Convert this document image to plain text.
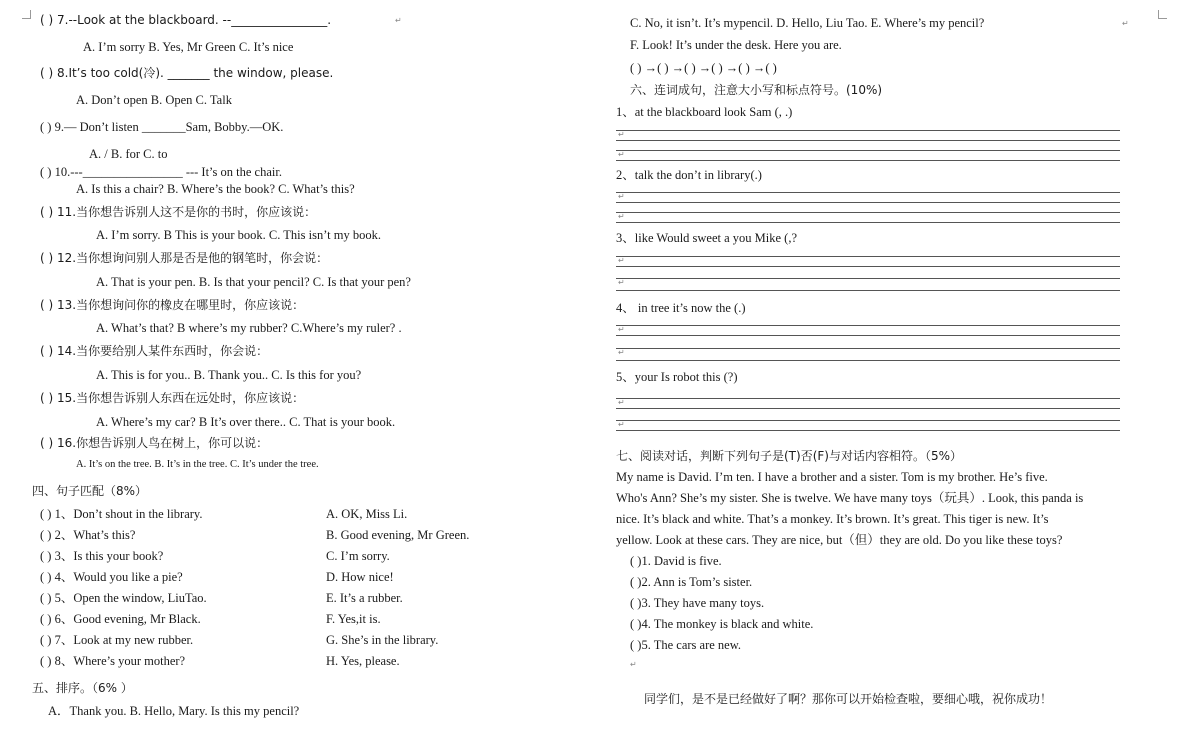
( ) 7.--Look at the blackboard. --________________.
A. I’m sorry B. Yes, Mr Green C. It’s nice
( ) 8.It’s too cold(冷). _______ the window, please.
A. Don’t open B. Open C. Talk
( ) 9.— Don’t listen _______Sam, Bobby.—OK.
A. / B. for C. to
( ) 10.---________________ --- It’s on the chair.
A. Is this a chair? B. Where’s the book? C. What’s this?
( ) 11.当你想告诉别人这不是你的书时，你应该说：
A. I’m sorry. B This is your book. C. This isn’t my book.
( ) 12.当你想询问别人那是否是他的钢笔时，你会说：
A. That is your pen. B. Is that your pencil? C. Is that your pen?
( ) 13.当你想询问你的橡皮在哪里时，你应该说：
A. What’s that? B where’s my rubber? C.Where’s my ruler? .
( ) 14.当你要给别人某件东西时，你会说：
A. This is for you.. B. Thank you.. C. Is this for you?
( ) 15.当你想告诉别人东西在远处时，你应该说：
A. Where’s my car? B It’s over there.. C. That is your book.
( ) 16.你想告诉别人鸟在树上，你可以说：
A. It’s on the tree. B. It’s in the tree. C. It’s under the tree.
四、句子匹配（8%）
( ) 1、Don’t shout in the library.	A. OK, Miss Li.
( ) 2、What’s this?	B. Good evening, Mr Green.
( ) 3、Is this your book?	C. I’m sorry.
( ) 4、Would you like a pie?	D. How nice!
( ) 5、Open the window, LiuTao.	E. It’s a rubber.
( ) 6、Good evening, Mr Black.	F. Yes,it is.
( ) 7、Look at my new rubber.	G. She’s in the library.
( ) 8、Where’s your mother?	H. Yes, please.
五、排序。（6% ）
A．Thank you. B. Hello, Mary. Is this my pencil?
C. No, it isn’t. It’s mypencil. D. Hello, Liu Tao. E. Where’s my pencil?
F. Look! It’s under the desk. Here you are.
( ) →( ) →( ) →( ) →( ) →( )
六、连词成句，注意大小写和标点符号。(10%)
1、at the blackboard look Sam (, .)
2、talk the don’t in library(.)
3、like Would sweet a you Mike (,?
4、 in tree it’s now the (.)
5、your Is robot this (?)
七、阅读对话，判断下列句子是(T)否(F)与对话内容相符。（5%）
My name is David. I’m ten. I have a brother and a sister. Tom is my brother. He’s five.
Who's Ann? She’s my sister. She is twelve. We have many toys（玩具）. Look, this panda is
nice. It’s black and white. That’s a monkey. It’s brown. It’s great. This tiger is new. It’s
yellow. Look at these cars. They are nice, but（但）they are old. Do you like these toys?
( )1. David is five.
( )2. Ann is Tom’s sister.
( )3. They have many toys.
( )4. The monkey is black and white.
( )5. The cars are new.
同学们，是不是已经做好了啊？那你可以开始检查啦，要细心哦，祝你成功！
↵	↵
↵
↵
↵
↵
↵
↵
↵
↵
↵
↵
↵
